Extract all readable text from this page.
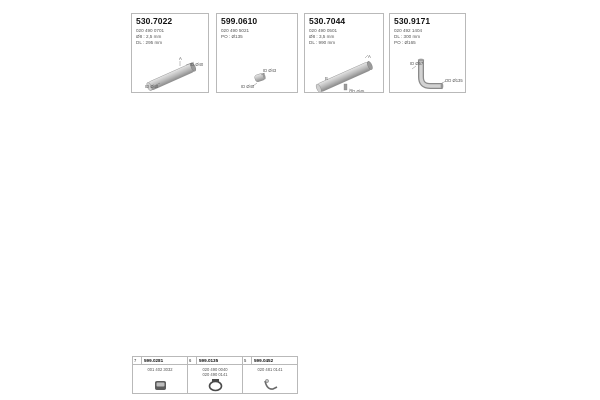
530.7022
020 490 0701
Ø8 : 2,5 mm
DL : 295 mm
A
ID Ø40
ID Ø40
599.0610
020 490 5021
PO : Ø135
ID Ø43
ID Ø40
530.7044
020 490 0501
Ø8 : 3,5 mm
DL : 990 mm
A
B
OD Ø45
530.9171
020 492 1404
DL : 300 mm
PO : Ø165
ID Ø57
OD Ø135
7 599.0281
001 402 3032
6 599.0135
020 490 0040
020 490 0141
5 599.0452
020 481 0141
